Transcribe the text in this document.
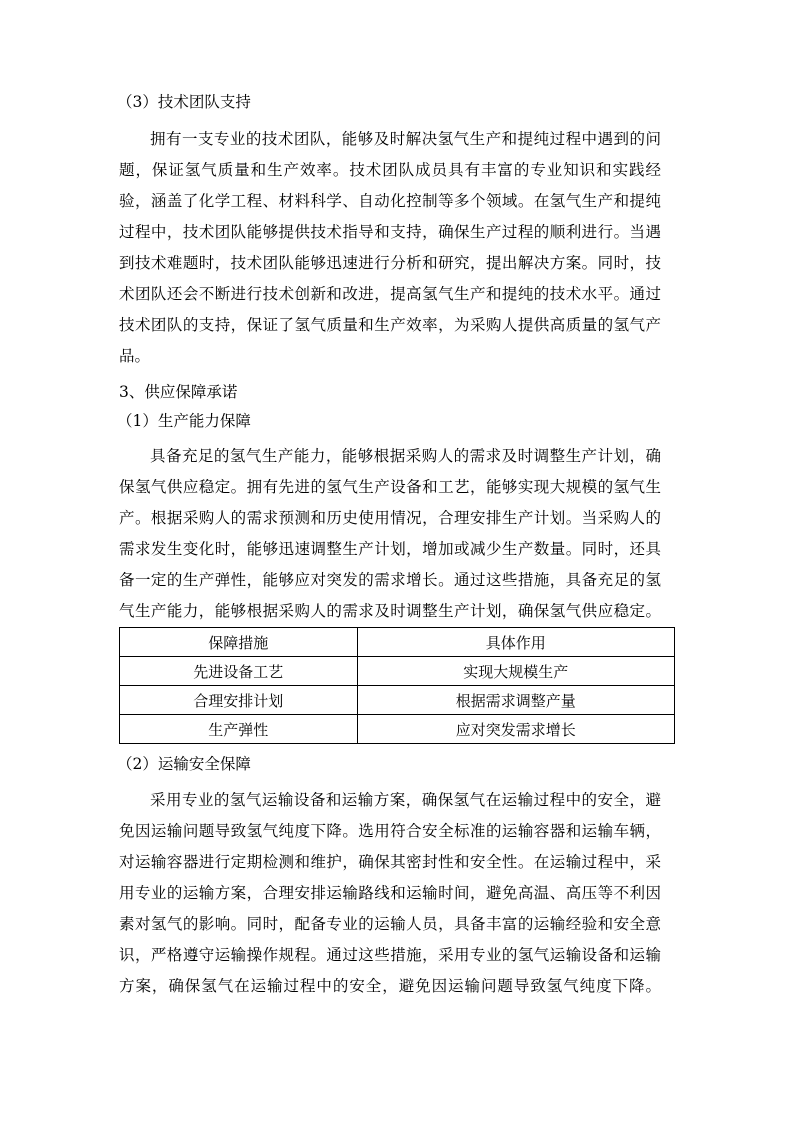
（3）技术团队支持
拥有一支专业的技术团队，能够及时解决氢气生产和提纯过程中遇到的问
题，保证氢气质量和生产效率。技术团队成员具有丰富的专业知识和实践经
验，涵盖了化学工程、材料科学、自动化控制等多个领域。在氢气生产和提纯
过程中，技术团队能够提供技术指导和支持，确保生产过程的顺利进行。当遇
到技术难题时，技术团队能够迅速进行分析和研究，提出解决方案。同时，技
术团队还会不断进行技术创新和改进，提高氢气生产和提纯的技术水平。通过
技术团队的支持，保证了氢气质量和生产效率，为采购人提供高质量的氢气产
品。
3、供应保障承诺
（1）生产能力保障
具备充足的氢气生产能力，能够根据采购人的需求及时调整生产计划，确
保氢气供应稳定。拥有先进的氢气生产设备和工艺，能够实现大规模的氢气生
产。根据采购人的需求预测和历史使用情况，合理安排生产计划。当采购人的
需求发生变化时，能够迅速调整生产计划，增加或减少生产数量。同时，还具
备一定的生产弹性，能够应对突发的需求增长。通过这些措施，具备充足的氢
气生产能力，能够根据采购人的需求及时调整生产计划，确保氢气供应稳定。
保障措施	具体作用
先进设备工艺	实现大规模生产
合理安排计划	根据需求调整产量
生产弹性	应对突发需求增长
（2）运输安全保障
采用专业的氢气运输设备和运输方案，确保氢气在运输过程中的安全，避
免因运输问题导致氢气纯度下降。选用符合安全标准的运输容器和运输车辆，
对运输容器进行定期检测和维护，确保其密封性和安全性。在运输过程中，采
用专业的运输方案，合理安排运输路线和运输时间，避免高温、高压等不利因
素对氢气的影响。同时，配备专业的运输人员，具备丰富的运输经验和安全意
识，严格遵守运输操作规程。通过这些措施，采用专业的氢气运输设备和运输
方案，确保氢气在运输过程中的安全，避免因运输问题导致氢气纯度下降。
